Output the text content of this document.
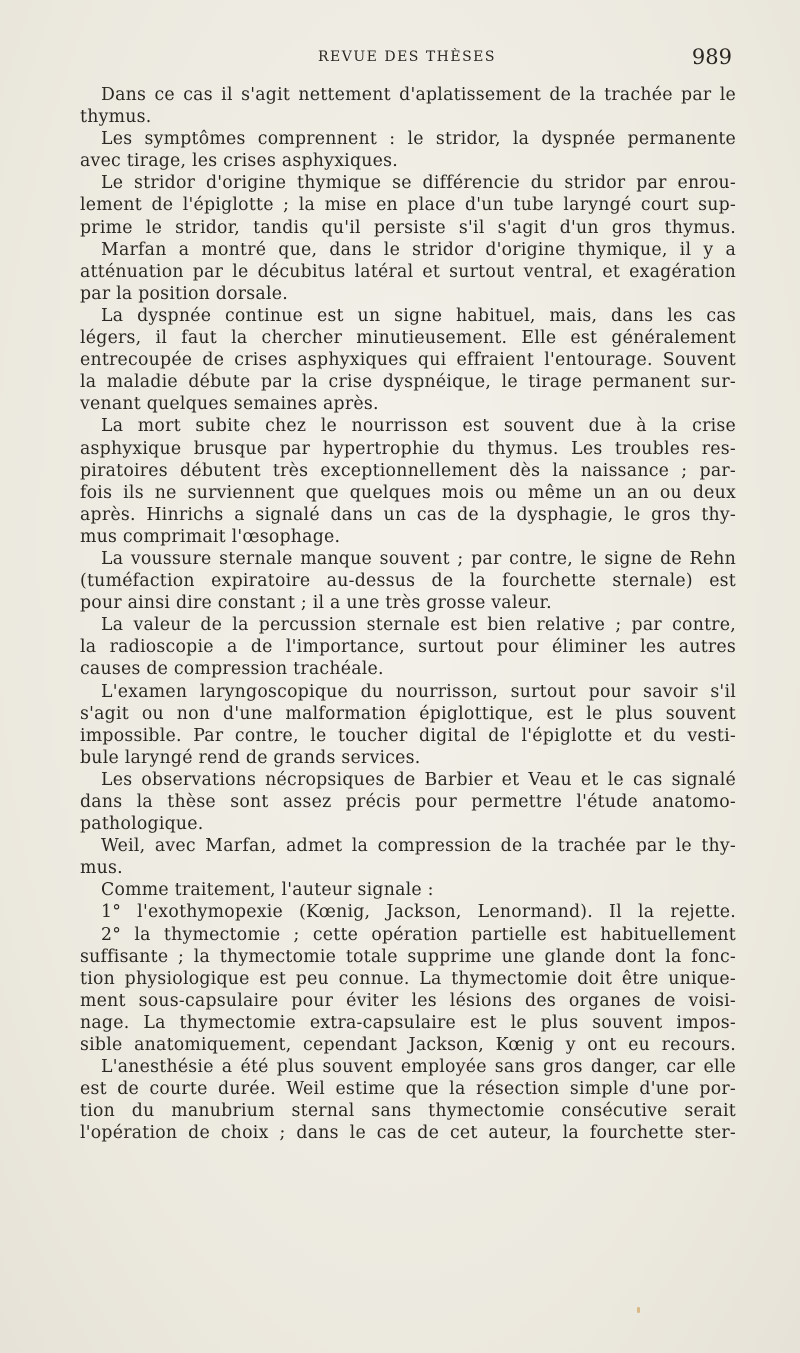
REVUE DES THÈSES	989
Dans ce cas il s'agit nettement d'aplatissement de la trachée par le
thymus.
Les symptômes comprennent : le stridor, la dyspnée permanente
avec tirage, les crises asphyxiques.
Le stridor d'origine thymique se différencie du stridor par enrou-
lement de l'épiglotte ; la mise en place d'un tube laryngé court sup-
prime le stridor, tandis qu'il persiste s'il s'agit d'un gros thymus.
Marfan a montré que, dans le stridor d'origine thymique, il y a
atténuation par le décubitus latéral et surtout ventral, et exagération
par la position dorsale.
La dyspnée continue est un signe habituel, mais, dans les cas
légers, il faut la chercher minutieusement. Elle est généralement
entrecoupée de crises asphyxiques qui effraient l'entourage. Souvent
la maladie débute par la crise dyspnéique, le tirage permanent sur-
venant quelques semaines après.
La mort subite chez le nourrisson est souvent due à la crise
asphyxique brusque par hypertrophie du thymus. Les troubles res-
piratoires débutent très exceptionnellement dès la naissance ; par-
fois ils ne surviennent que quelques mois ou même un an ou deux
après. Hinrichs a signalé dans un cas de la dysphagie, le gros thy-
mus comprimait l'œsophage.
La voussure sternale manque souvent ; par contre, le signe de Rehn
(tuméfaction expiratoire au-dessus de la fourchette sternale) est
pour ainsi dire constant ; il a une très grosse valeur.
La valeur de la percussion sternale est bien relative ; par contre,
la radioscopie a de l'importance, surtout pour éliminer les autres
causes de compression trachéale.
L'examen laryngoscopique du nourrisson, surtout pour savoir s'il
s'agit ou non d'une malformation épiglottique, est le plus souvent
impossible. Par contre, le toucher digital de l'épiglotte et du vesti-
bule laryngé rend de grands services.
Les observations nécropsiques de Barbier et Veau et le cas signalé
dans la thèse sont assez précis pour permettre l'étude anatomo-
pathologique.
Weil, avec Marfan, admet la compression de la trachée par le thy-
mus.
Comme traitement, l'auteur signale :
1° l'exothymopexie (Kœnig, Jackson, Lenormand). Il la rejette.
2° la thymectomie ; cette opération partielle est habituellement
suffisante ; la thymectomie totale supprime une glande dont la fonc-
tion physiologique est peu connue. La thymectomie doit être unique-
ment sous-capsulaire pour éviter les lésions des organes de voisi-
nage. La thymectomie extra-capsulaire est le plus souvent impos-
sible anatomiquement, cependant Jackson, Kœnig y ont eu recours.
L'anesthésie a été plus souvent employée sans gros danger, car elle
est de courte durée. Weil estime que la résection simple d'une por-
tion du manubrium sternal sans thymectomie consécutive serait
l'opération de choix ; dans le cas de cet auteur, la fourchette ster-
